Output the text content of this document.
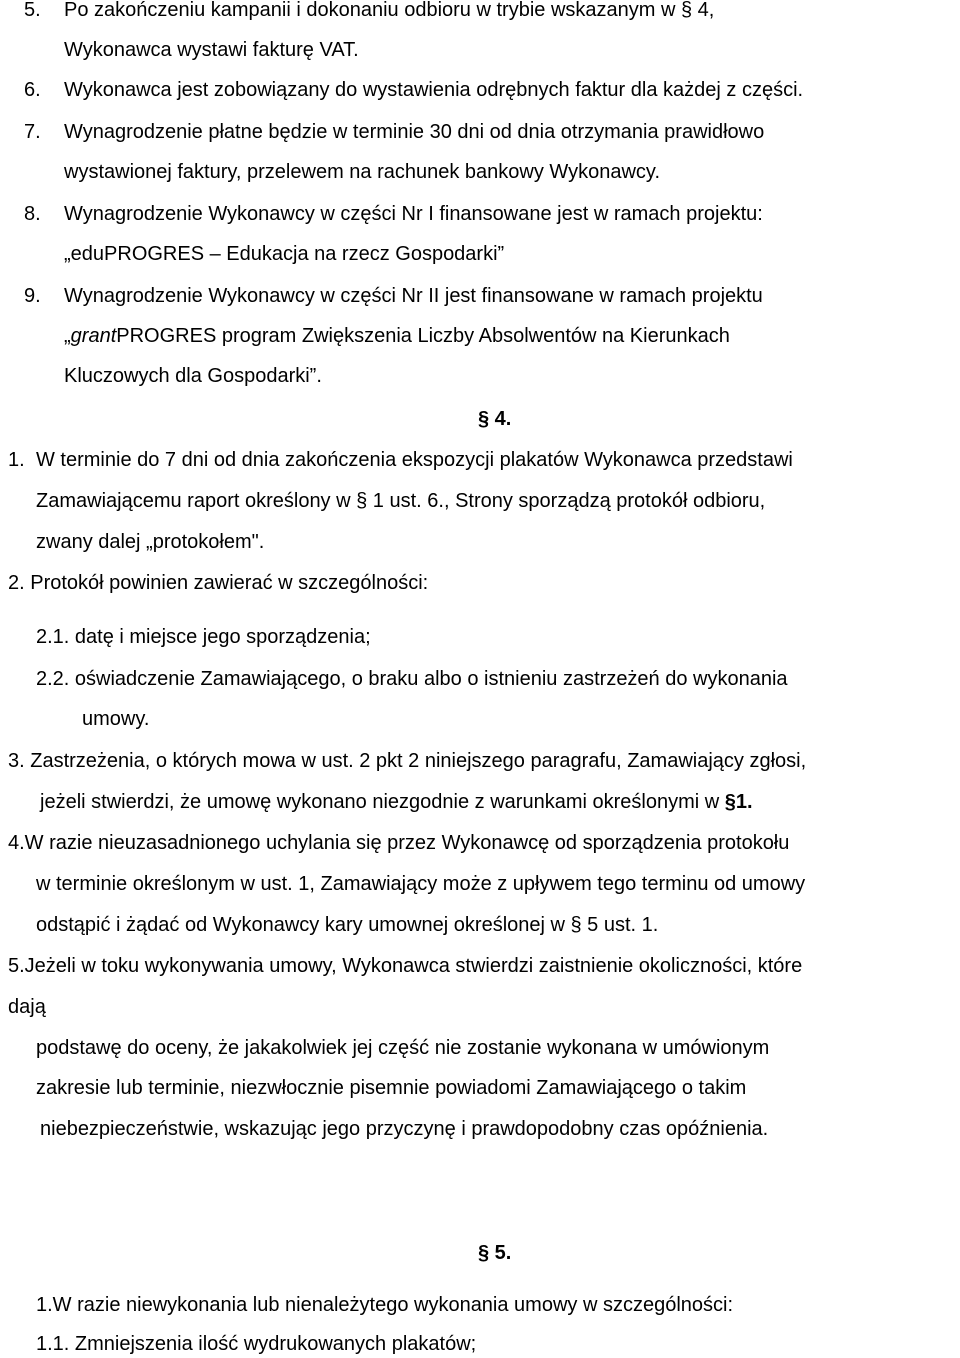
5. Po zakończeniu kampanii i dokonaniu odbioru w trybie wskazanym w § 4,
Wykonawca wystawi fakturę VAT.
6. Wykonawca jest zobowiązany do wystawienia odrębnych faktur dla każdej z części.
7. Wynagrodzenie płatne będzie w terminie 30 dni od dnia otrzymania prawidłowo
wystawionej faktury, przelewem na rachunek bankowy Wykonawcy.
8. Wynagrodzenie Wykonawcy w części Nr I finansowane jest w ramach projektu:
„eduPROGRES – Edukacja na rzecz Gospodarki”
9. Wynagrodzenie Wykonawcy w części Nr II jest finansowane w ramach projektu
„grantPROGRES program Zwiększenia Liczby Absolwentów na Kierunkach
Kluczowych dla Gospodarki”.
§ 4.
1. W terminie do 7 dni od dnia zakończenia ekspozycji plakatów Wykonawca przedstawi
Zamawiającemu raport określony w § 1 ust. 6., Strony sporządzą protokół odbioru,
zwany dalej „protokołem".
2. Protokół powinien zawierać w szczególności:
2.1. datę i miejsce jego sporządzenia;
2.2. oświadczenie Zamawiającego, o braku albo o istnieniu zastrzeżeń do wykonania
umowy.
3. Zastrzeżenia, o których mowa w ust. 2 pkt 2 niniejszego paragrafu, Zamawiający zgłosi,
jeżeli stwierdzi, że umowę wykonano niezgodnie z warunkami określonymi w §1.
4.W razie nieuzasadnionego uchylania się przez Wykonawcę od sporządzenia protokołu
w terminie określonym w ust. 1, Zamawiający może z upływem tego terminu od umowy
odstąpić i żądać od Wykonawcy kary umownej określonej w § 5 ust. 1.
5.Jeżeli w toku wykonywania umowy, Wykonawca stwierdzi zaistnienie okoliczności, które
dają
podstawę do oceny, że jakakolwiek jej część nie zostanie wykonana w umówionym
zakresie lub terminie, niezwłocznie pisemnie powiadomi Zamawiającego o takim
niebezpieczeństwie, wskazując jego przyczynę i prawdopodobny czas opóźnienia.
§ 5.
1.W razie niewykonania lub nienależytego wykonania umowy w szczególności:
1.1. Zmniejszenia ilość wydrukowanych plakatów;
